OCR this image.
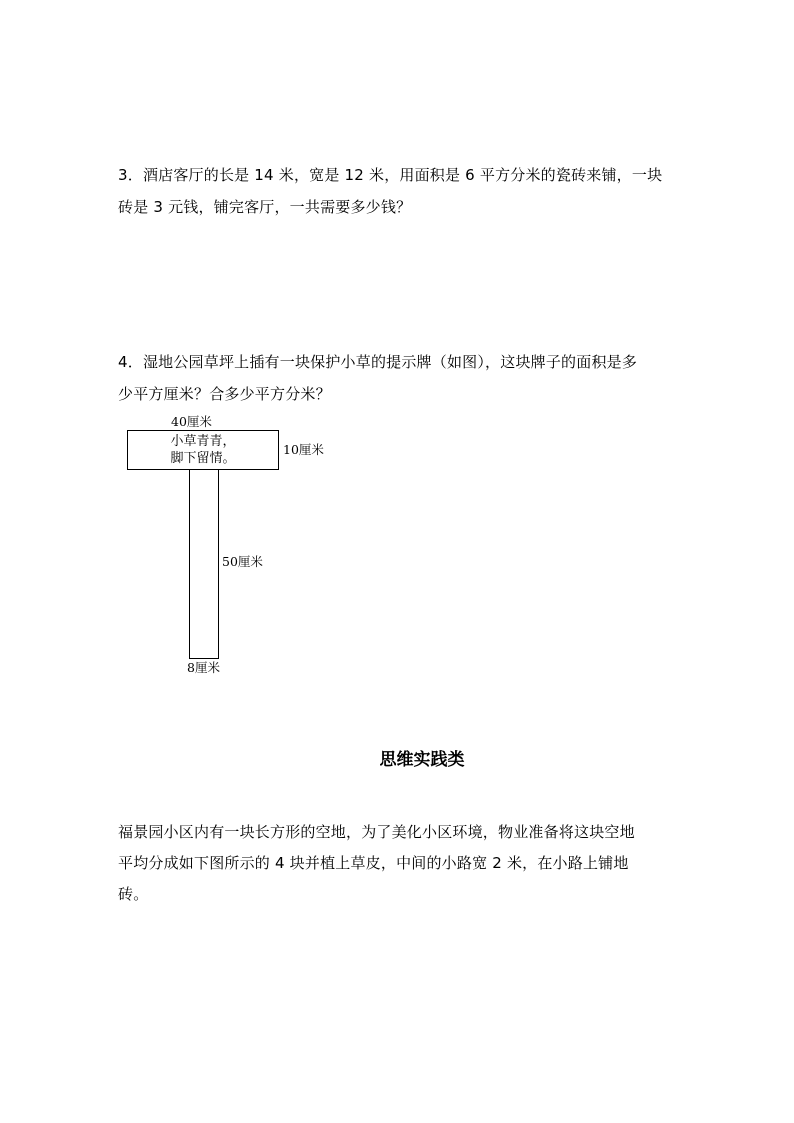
3．酒店客厅的长是 14 米，宽是 12 米，用面积是 6 平方分米的瓷砖来铺，一块
砖是 3 元钱，铺完客厅，一共需要多少钱？
4．湿地公园草坪上插有一块保护小草的提示牌（如图），这块牌子的面积是多
少平方厘米？合多少平方分米？
40厘米
小草青青，
脚下留情。
10厘米
50厘米
8厘米
思维实践类
福景园小区内有一块长方形的空地，为了美化小区环境，物业准备将这块空地
平均分成如下图所示的 4 块并植上草皮，中间的小路宽 2 米，在小路上铺地
砖。
